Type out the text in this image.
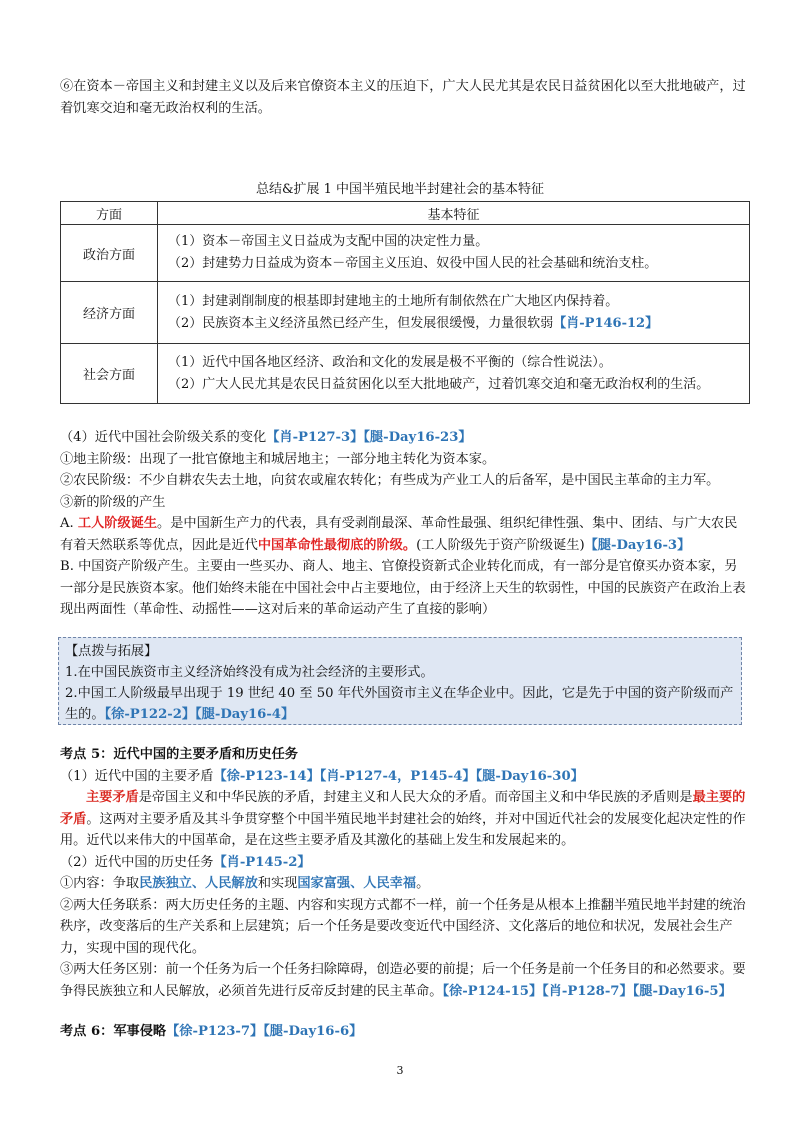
⑥在资本－帝国主义和封建主义以及后来官僚资本主义的压迫下，广大人民尤其是农民日益贫困化以至大批地破产，过着饥寒交迫和毫无政治权利的生活。

总结&扩展 1 中国半殖民地半封建社会的基本特征
方面	基本特征
政治方面	（1）资本－帝国主义日益成为支配中国的决定性力量。
（2）封建势力日益成为资本－帝国主义压迫、奴役中国人民的社会基础和统治支柱。

经济方面	（1）封建剥削制度的根基即封建地主的土地所有制依然在广大地区内保持着。
（2）民族资本主义经济虽然已经产生，但发展很缓慢，力量很软弱【肖-P146-12】

社会方面	（1）近代中国各地区经济、政治和文化的发展是极不平衡的（综合性说法）。
（2）广大人民尤其是农民日益贫困化以至大批地破产，过着饥寒交迫和毫无政治权利的生活。
（4）近代中国社会阶级关系的变化【肖-P127-3】【腿-Day16-23】
①地主阶级：出现了一批官僚地主和城居地主；一部分地主转化为资本家。
②农民阶级：不少自耕农失去土地，向贫农或雇农转化；有些成为产业工人的后备军，是中国民主革命的主力军。
③新的阶级的产生
A. 工人阶级诞生。是中国新生产力的代表，具有受剥削最深、革命性最强、组织纪律性强、集中、团结、与广大农民有着天然联系等优点，因此是近代中国革命性最彻底的阶级。(工人阶级先于资产阶级诞生)【腿-Day16-3】
B. 中国资产阶级产生。主要由一些买办、商人、地主、官僚投资新式企业转化而成，有一部分是官僚买办资本家，另一部分是民族资本家。他们始终未能在中国社会中占主要地位，由于经济上天生的软弱性，中国的民族资产在政治上表现出两面性（革命性、动摇性——这对后来的革命运动产生了直接的影响）
【点拨与拓展】
1.在中国民族资市主义经济始终没有成为社会经济的主要形式。
2.中国工人阶级最早出现于 19 世纪 40 至 50 年代外国资市主义在华企业中。因此，它是先于中国的资产阶级而产生的。【徐-P122-2】【腿-Day16-4】
考点 5：近代中国的主要矛盾和历史任务
（1）近代中国的主要矛盾【徐-P123-14】【肖-P127-4，P145-4】【腿-Day16-30】
主要矛盾是帝国主义和中华民族的矛盾，封建主义和人民大众的矛盾。而帝国主义和中华民族的矛盾则是最主要的矛盾。这两对主要矛盾及其斗争贯穿整个中国半殖民地半封建社会的始终，并对中国近代社会的发展变化起决定性的作用。近代以来伟大的中国革命，是在这些主要矛盾及其激化的基础上发生和发展起来的。
（2）近代中国的历史任务【肖-P145-2】
①内容：争取民族独立、人民解放和实现国家富强、人民幸福。
②两大任务联系：两大历史任务的主题、内容和实现方式都不一样，前一个任务是从根本上推翻半殖民地半封建的统治秩序，改变落后的生产关系和上层建筑；后一个任务是要改变近代中国经济、文化落后的地位和状况，发展社会生产力，实现中国的现代化。
③两大任务区别：前一个任务为后一个任务扫除障碍，创造必要的前提；后一个任务是前一个任务目的和必然要求。要争得民族独立和人民解放，必须首先进行反帝反封建的民主革命。【徐-P124-15】【肖-P128-7】【腿-Day16-5】
考点 6：军事侵略【徐-P123-7】【腿-Day16-6】
3
